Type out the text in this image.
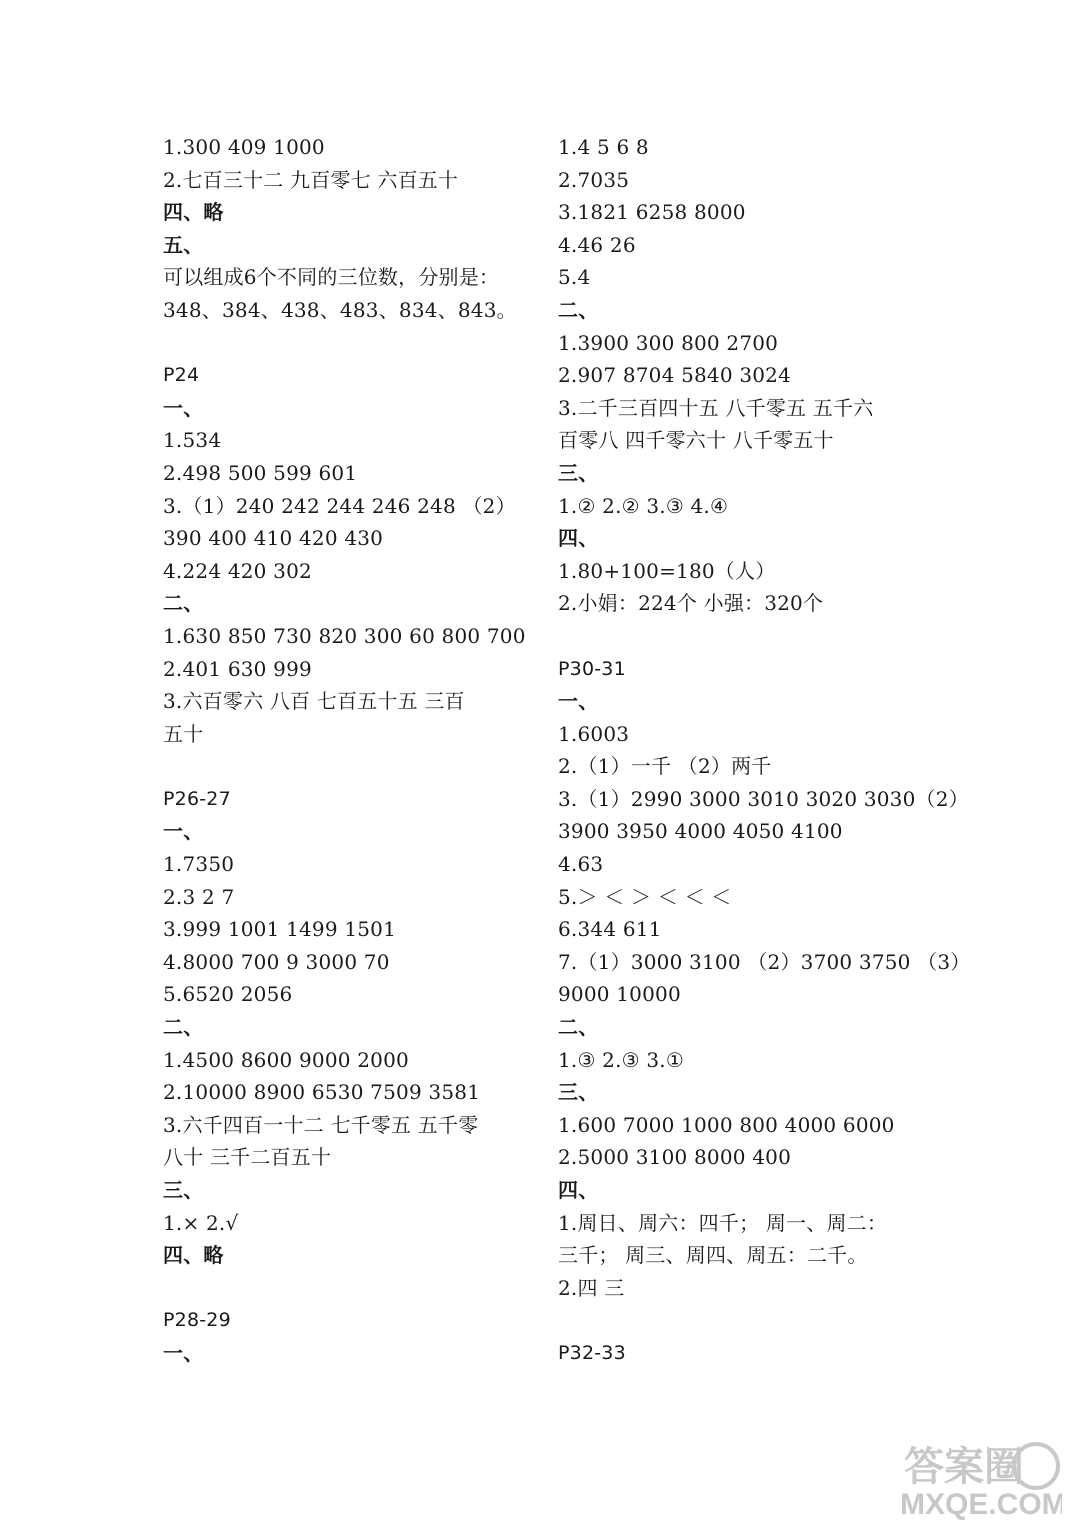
1.300 409 1000
2.七百三十二 九百零七 六百五十
四、略
五、
可以组成6个不同的三位数，分别是：
348、384、438、483、834、843。
P24
一、
1.534
2.498 500 599 601
3.（1）240 242 244 246 248 （2）
390 400 410 420 430
4.224 420 302
二、
1.630 850 730 820 300 60 800 700
2.401 630 999
3.六百零六 八百 七百五十五 三百
五十
P26-27
一、
1.7350
2.3 2 7
3.999 1001 1499 1501
4.8000 700 9 3000 70
5.6520 2056
二、
1.4500 8600 9000 2000
2.10000 8900 6530 7509 3581
3.六千四百一十二 七千零五 五千零
八十 三千二百五十
三、
1.× 2.√
四、略
P28-29
一、
1.4 5 6 8
2.7035
3.1821 6258 8000
4.46 26
5.4
二、
1.3900 300 800 2700
2.907 8704 5840 3024
3.二千三百四十五 八千零五 五千六
百零八 四千零六十 八千零五十
三、
1.② 2.② 3.③ 4.④
四、
1.80+100=180（人）
2.小娟：224个 小强：320个
P30-31
一、
1.6003
2.（1）一千 （2）两千
3.（1）2990 3000 3010 3020 3030（2）
3900 3950 4000 4050 4100
4.63
5.＞ ＜ ＞ ＜ ＜ ＜
6.344 611
7.（1）3000 3100 （2）3700 3750 （3）
9000 10000
二、
1.③ 2.③ 3.①
三、
1.600 7000 1000 800 4000 6000
2.5000 3100 8000 400
四、
1.周日、周六：四千； 周一、周二：
三千； 周三、周四、周五：二千。
2.四 三
P32-33
答案圈
MXQE.COM
